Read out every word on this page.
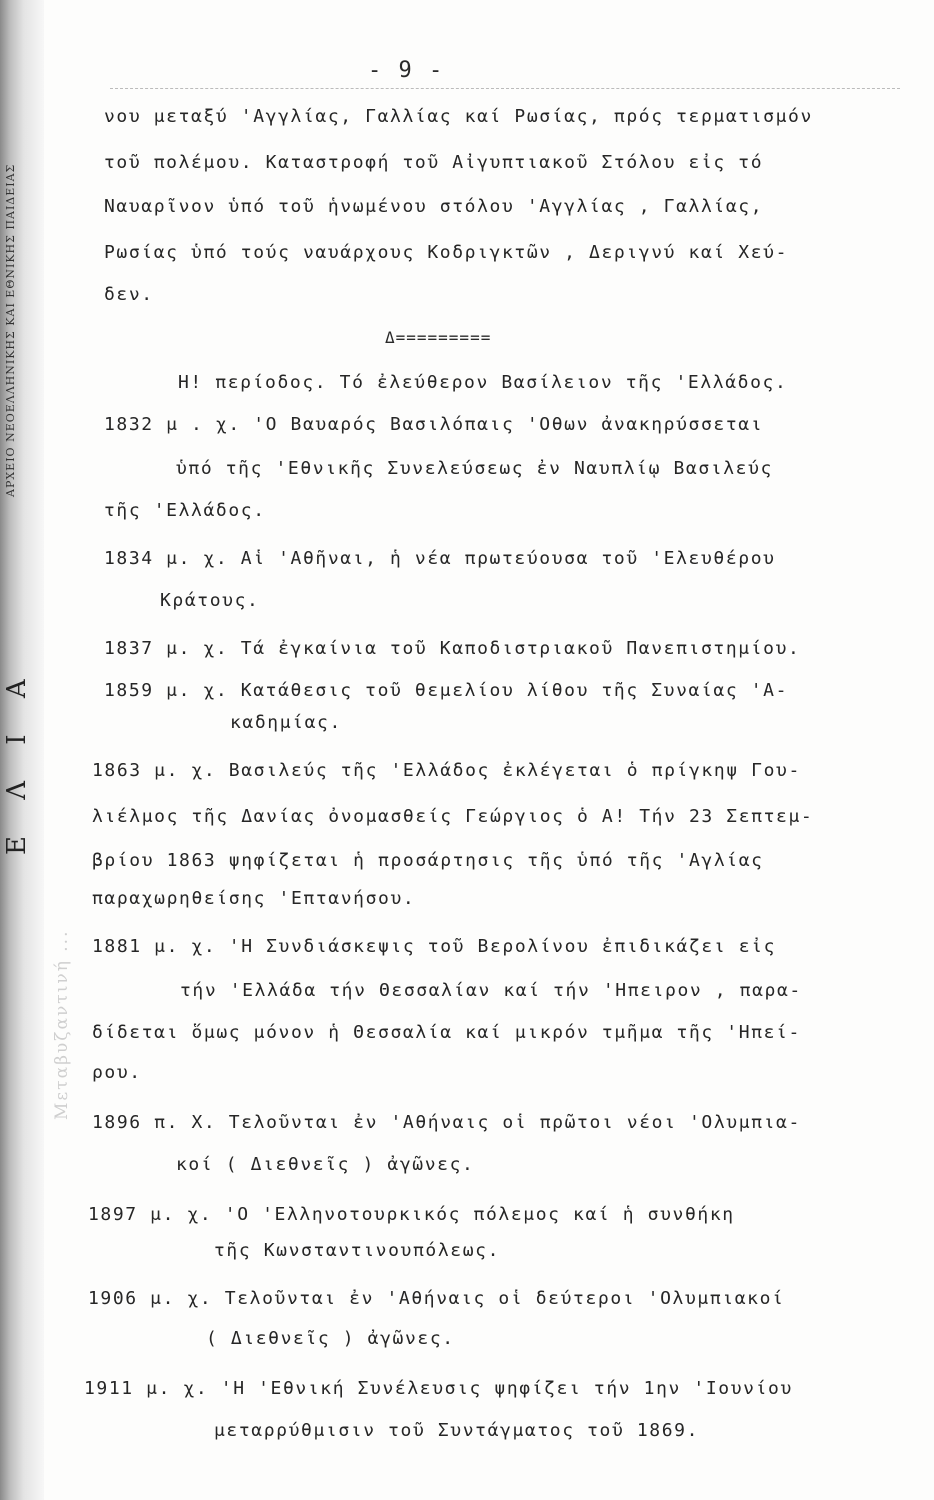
ΑΡΧΕΙΟ ΝΕΟΕΛΛΗΝΙΚΗΣ ΚΑΙ ΕΘΝΙΚΗΣ ΠΑΙΔΕΙΑΣ
Ε Λ Ι Α
Μεταβυζαντινή ...
- 9 -
νου μεταξύ 'Αγγλίας, Γαλλίας καί Ρωσίας, πρός τερματισμόν
τοῦ πολέμου. Καταστροφή τοῦ Αἰγυπτιακοῦ Στόλου εἰς τό
Ναυαρῖνον ὑπό τοῦ ἡνωμένου στόλου 'Αγγλίας , Γαλλίας,
Ρωσίας ὑπό τούς ναυάρχους Κοδριγκτῶν , Δεριγνύ καί Χεύ-
δεν.
Δ=========
Η! περίοδος. Τό ἐλεύθερον Βασίλειον τῆς 'Ελλάδος.
1832 μ . χ. 'Ο Βαυαρός Βασιλόπαις 'Οθων ἀνακηρύσσεται
ὑπό τῆς 'Εθνικῆς Συνελεύσεως ἐν Ναυπλίῳ Βασιλεύς
τῆς 'Ελλάδος.
1834 μ. χ. Αἱ 'Αθῆναι, ἡ νέα πρωτεύουσα τοῦ 'Ελευθέρου
Κράτους.
1837 μ. χ. Τά ἐγκαίνια τοῦ Καποδιστριακοῦ Πανεπιστημίου.
1859 μ. χ. Κατάθεσις τοῦ θεμελίου λίθου τῆς Συναίας 'Α-
καδημίας.
1863 μ. χ. Βασιλεύς τῆς 'Ελλάδος ἐκλέγεται ὁ πρίγκηψ Γου-
λιέλμος τῆς Δανίας ὀνομασθείς Γεώργιος ὁ Α! Τήν 23 Σεπτεμ-
βρίου 1863 ψηφίζεται ἡ προσάρτησις τῆς ὑπό τῆς 'Αγλίας
παραχωρηθείσης 'Επτανήσου.
1881 μ. χ. 'Η Συνδιάσκεψις τοῦ Βερολίνου ἐπιδικάζει εἰς
τήν 'Ελλάδα τήν Θεσσαλίαν καί τήν 'Ηπειρον , παρα-
δίδεται ὅμως μόνον ἡ Θεσσαλία καί μικρόν τμῆμα τῆς 'Ηπεί-
ρου.
1896 π. Χ. Τελοῦνται ἐν 'Αθήναις οἱ πρῶτοι νέοι 'Ολυμπια-
κοί ( Διεθνεῖς ) ἀγῶνες.
1897 μ. χ. 'Ο 'Ελληνοτουρκικός πόλεμος καί ἡ συνθήκη
τῆς Κωνσταντινουπόλεως.
1906 μ. χ. Τελοῦνται ἐν 'Αθήναις οἱ δεύτεροι 'Ολυμπιακοί
( Διεθνεῖς ) ἀγῶνες.
1911 μ. χ. 'Η 'Εθνική Συνέλευσις ψηφίζει τήν 1ην 'Ιουνίου
μεταρρύθμισιν τοῦ Συντάγματος τοῦ 1869.
